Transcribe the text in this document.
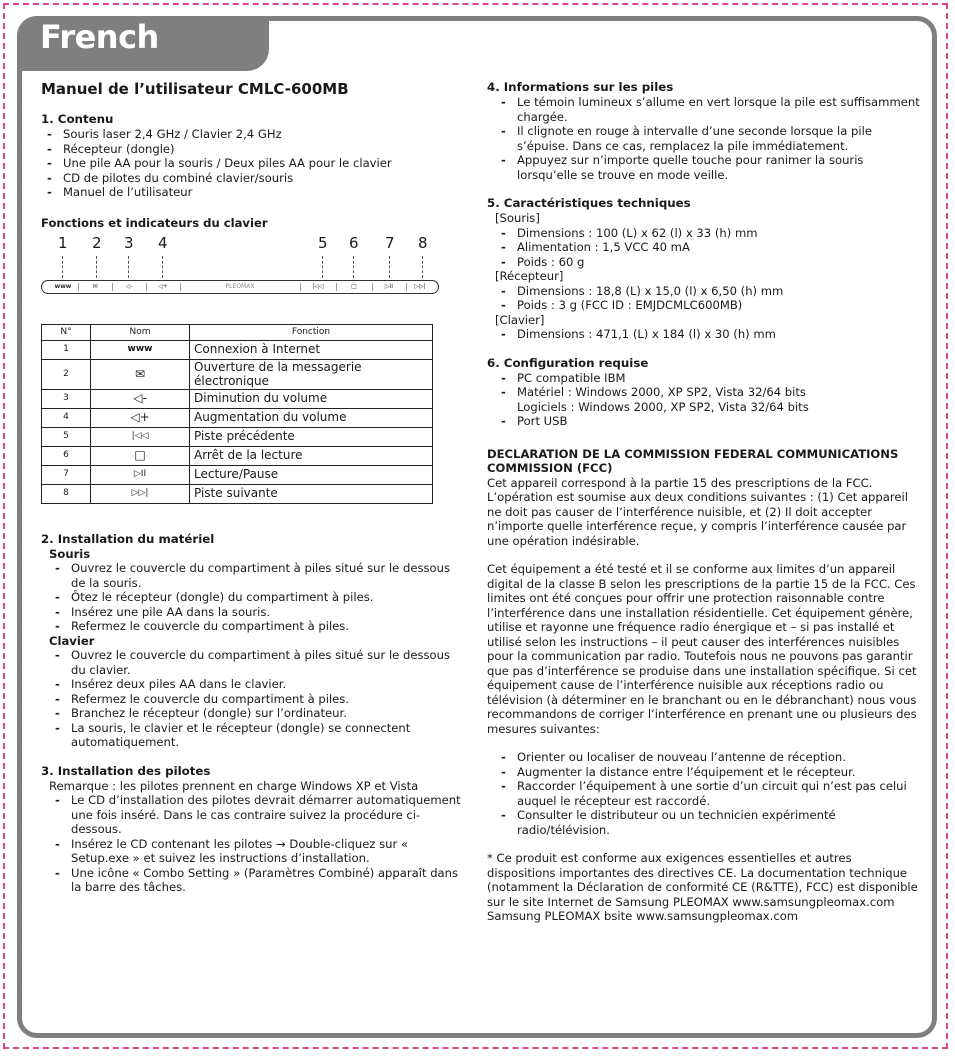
French
Manuel de l’utilisateur CMLC-600MB
1. Contenu
- Souris laser 2,4 GHz / Clavier 2,4 GHz
- Récepteur (dongle)
- Une pile AA pour la souris / Deux piles AA pour le clavier
- CD de pilotes du combiné clavier/souris
- Manuel de l’utilisateur
Fonctions et indicateurs du clavier
1 2 3 4	5 6 7 8
www	✉	◁-	◁+	PLEOMAX	|◁◁	□	▷II	▷▷|
N°	Nom	Fonction
1	www	Connexion à Internet
2	✉	Ouverture de la messagerie électronique
3	◁-	Diminution du volume
4	◁+	Augmentation du volume
5	|◁◁	Piste précédente
6	□	Arrêt de la lecture
7	▷II	Lecture/Pause
8	▷▷|	Piste suivante
2. Installation du matériel
Souris
- Ouvrez le couvercle du compartiment à piles situé sur le dessous de la souris.
- Ôtez le récepteur (dongle) du compartiment à piles.
- Insérez une pile AA dans la souris.
- Refermez le couvercle du compartiment à piles.
Clavier
- Ouvrez le couvercle du compartiment à piles situé sur le dessous du clavier.
- Insérez deux piles AA dans le clavier.
- Refermez le couvercle du compartiment à piles.
- Branchez le récepteur (dongle) sur l’ordinateur.
- La souris, le clavier et le récepteur (dongle) se connectent automatiquement.
3. Installation des pilotes

Remarque : les pilotes prennent en charge Windows XP et Vista

- Le CD d’installation des pilotes devrait démarrer automatiquement une fois inséré. Dans le cas contraire suivez la procédure ci-dessous.
- Insérez le CD contenant les pilotes → Double-cliquez sur « Setup.exe » et suivez les instructions d’installation.
- Une icône « Combo Setting » (Paramètres Combiné) apparaît dans la barre des tâches.
4. Informations sur les piles
- Le témoin lumineux s’allume en vert lorsque la pile est suffisamment chargée.
- Il clignote en rouge à intervalle d’une seconde lorsque la pile s’épuise. Dans ce cas, remplacez la pile immédiatement.
- Appuyez sur n’importe quelle touche pour ranimer la souris lorsqu’elle se trouve en mode veille.
5. Caractéristiques techniques

[Souris]

- Dimensions : 100 (L) x 62 (l) x 33 (h) mm
- Alimentation : 1,5 VCC 40 mA
- Poids : 60 g

[Récepteur]

- Dimensions : 18,8 (L) x 15,0 (l) x 6,50 (h) mm
- Poids : 3 g (FCC ID : EMJDCMLC600MB)

[Clavier]

- Dimensions : 471,1 (L) x 184 (l) x 30 (h) mm
6. Configuration requise
- PC compatible IBM
- Matériel : Windows 2000, XP SP2, Vista 32/64 bits
Logiciels : Windows 2000, XP SP2, Vista 32/64 bits
- Port USB
DECLARATION DE LA COMMISSION FEDERAL COMMUNICATIONS COMMISSION (FCC)

Cet appareil correspond à la partie 15 des prescriptions de la FCC. L’opération est soumise aux deux conditions suivantes : (1) Cet appareil ne doit pas causer de l’interférence nuisible, et (2) Il doit accepter n’importe quelle interférence reçue, y compris l’interférence causée par une opération indésirable.

Cet équipement a été testé et il se conforme aux limites d’un appareil digital de la classe B selon les prescriptions de la partie 15 de la FCC. Ces limites ont été conçues pour offrir une protection raisonnable contre l’interférence dans une installation résidentielle. Cet équipement génère, utilise et rayonne une fréquence radio énergique et – si pas installé et utilisé selon les instructions – il peut causer des interférences nuisibles pour la communication par radio. Toutefois nous ne pouvons pas garantir que pas d’interférence se produise dans une installation spécifique. Si cet équipement cause de l’interférence nuisible aux réceptions radio ou télévision (à déterminer en le branchant ou en le débranchant) nous vous recommandons de corriger l’interférence en prenant une ou plusieurs des mesures suivantes:

- Orienter ou localiser de nouveau l’antenne de réception.
- Augmenter la distance entre l’équipement et le récepteur.
- Raccorder l’équipement à une sortie d’un circuit qui n’est pas celui auquel le récepteur est raccordé.
- Consulter le distributeur ou un technicien expérimenté radio/télévision.

* Ce produit est conforme aux exigences essentielles et autres dispositions importantes des directives CE. La documentation technique (notamment la Déclaration de conformité CE (R&TTE), FCC) est disponible sur le site Internet de Samsung PLEOMAX www.samsungpleomax.com Samsung PLEOMAX bsite www.samsungpleomax.com
